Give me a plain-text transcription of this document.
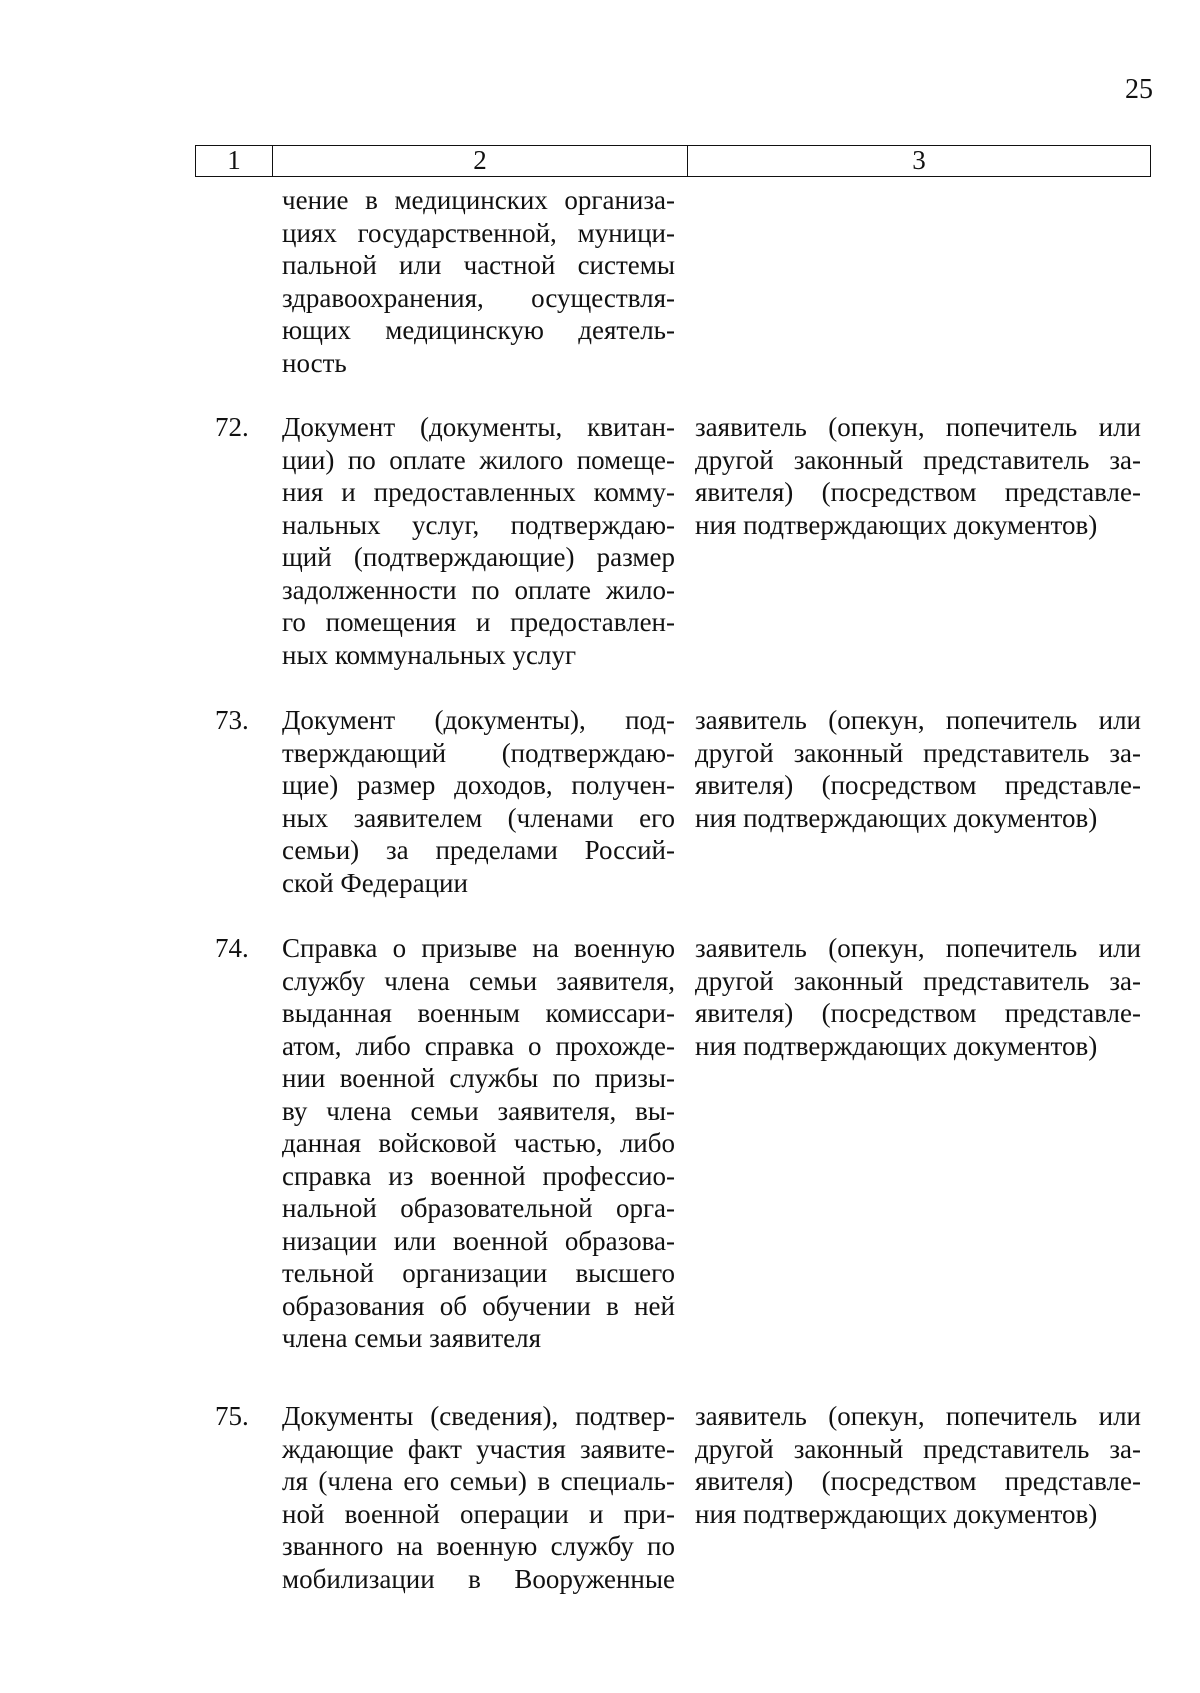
25
1	2	3
чение в медицинских организа-
циях государственной, муници-
пальной или частной системы
здравоохранения, осуществля-
ющих медицинскую деятель-
ность
72. Документ (документы, квитан-
ции) по оплате жилого помеще-
ния и предоставленных комму-
нальных услуг, подтверждаю-
щий (подтверждающие) размер
задолженности по оплате жило-
го помещения и предоставлен-
ных коммунальных услуг
заявитель (опекун, попечитель или
другой законный представитель за-
явителя) (посредством представле-
ния подтверждающих документов)
73. Документ (документы), под-
тверждающий (подтверждаю-
щие) размер доходов, получен-
ных заявителем (членами его
семьи) за пределами Россий-
ской Федерации
заявитель (опекун, попечитель или
другой законный представитель за-
явителя) (посредством представле-
ния подтверждающих документов)
74. Справка о призыве на военную
службу члена семьи заявителя,
выданная военным комиссари-
атом, либо справка о прохожде-
нии военной службы по призы-
ву члена семьи заявителя, вы-
данная войсковой частью, либо
справка из военной профессио-
нальной образовательной орга-
низации или военной образова-
тельной организации высшего
образования об обучении в ней
члена семьи заявителя
заявитель (опекун, попечитель или
другой законный представитель за-
явителя) (посредством представле-
ния подтверждающих документов)
75. Документы (сведения), подтвер-
ждающие факт участия заявите-
ля (члена его семьи) в специаль-
ной военной операции и при-
званного на военную службу по
мобилизации в Вооруженные
заявитель (опекун, попечитель или
другой законный представитель за-
явителя) (посредством представле-
ния подтверждающих документов)
